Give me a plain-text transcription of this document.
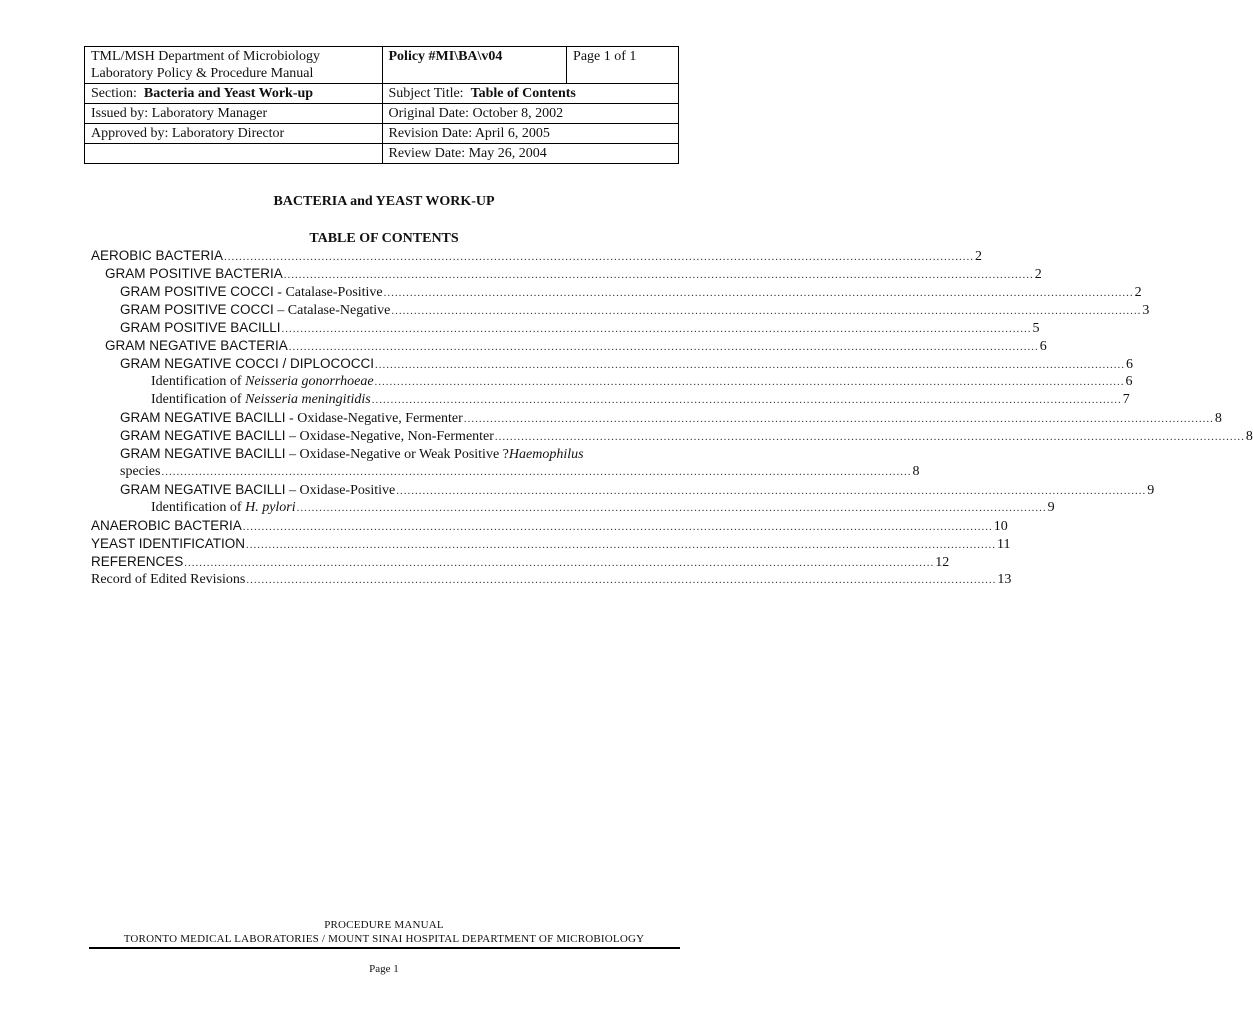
TML/MSH Department of Microbiology
Laboratory Policy & Procedure Manual	Policy #MI\BA\v04	Page 1 of 1
Section: Bacteria and Yeast Work-up	Subject Title: Table of Contents	
Issued by: Laboratory Manager	Original Date: October 8, 2002	
Approved by: Laboratory Director	Revision Date: April 6, 2005	
	Review Date: May 26, 2004	
BACTERIA and YEAST WORK-UP
TABLE OF CONTENTS
AEROBIC BACTERIA ........................................................................................................................................................................................................ 2
GRAM POSITIVE BACTERIA ........................................................................................................................................................................................................ 2
GRAM POSITIVE COCCI - Catalase-Positive ........................................................................................................................................................................................................ 2
GRAM POSITIVE COCCI – Catalase-Negative ........................................................................................................................................................................................................ 3
GRAM POSITIVE BACILLI ........................................................................................................................................................................................................ 5
GRAM NEGATIVE BACTERIA ........................................................................................................................................................................................................ 6
GRAM NEGATIVE COCCI / DIPLOCOCCI ........................................................................................................................................................................................................ 6
Identification of Neisseria gonorrhoeae ........................................................................................................................................................................................................ 6
Identification of Neisseria meningitidis ........................................................................................................................................................................................................ 7
GRAM NEGATIVE BACILLI - Oxidase-Negative, Fermenter ........................................................................................................................................................................................................ 8
GRAM NEGATIVE BACILLI – Oxidase-Negative, Non-Fermenter ........................................................................................................................................................................................................ 8
GRAM NEGATIVE BACILLI – Oxidase-Negative or Weak Positive ?Haemophilus
species ........................................................................................................................................................................................................ 8
GRAM NEGATIVE BACILLI – Oxidase-Positive ........................................................................................................................................................................................................ 9
Identification of H. pylori ........................................................................................................................................................................................................ 9
ANAEROBIC BACTERIA ........................................................................................................................................................................................................ 10
YEAST IDENTIFICATION ........................................................................................................................................................................................................ 11
REFERENCES ........................................................................................................................................................................................................ 12
Record of Edited Revisions ........................................................................................................................................................................................................ 13
PROCEDURE MANUAL
TORONTO MEDICAL LABORATORIES / MOUNT SINAI HOSPITAL DEPARTMENT OF MICROBIOLOGY
Page 1
